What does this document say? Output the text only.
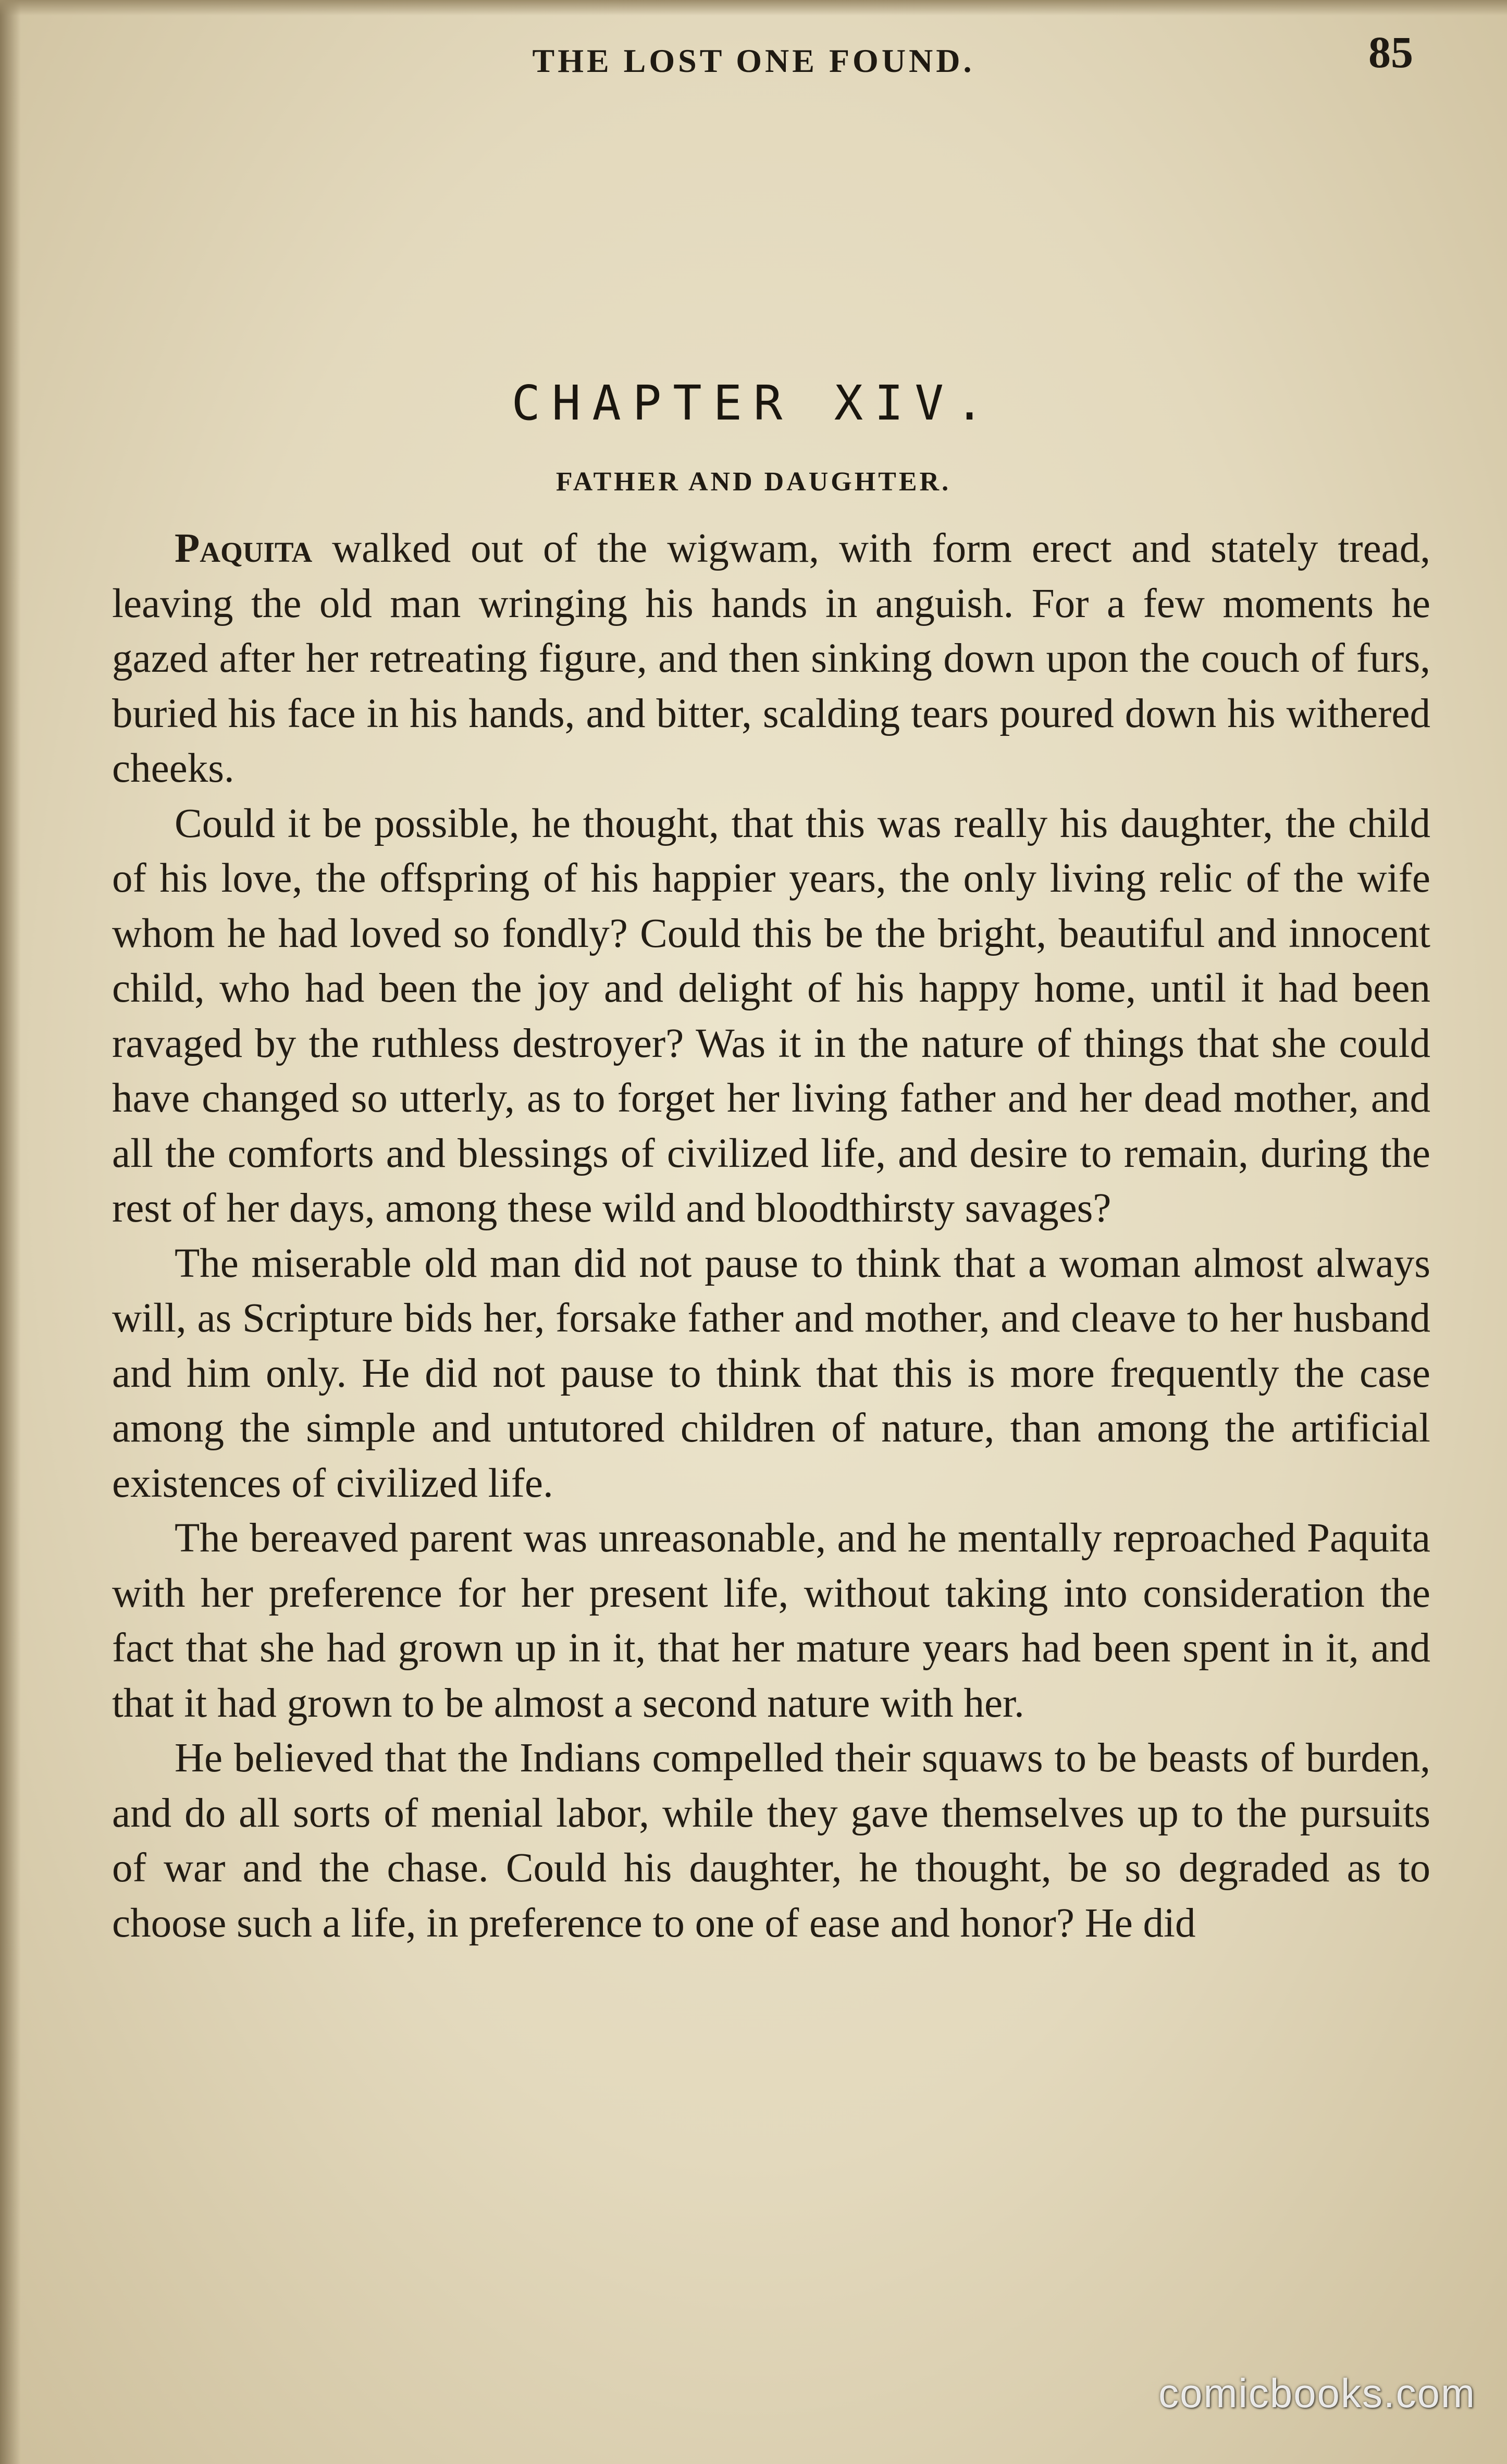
THE LOST ONE FOUND.	85
CHAPTER XIV.
FATHER AND DAUGHTER.

Paquita walked out of the wigwam, with form erect and stately tread, leaving the old man wringing his hands in anguish. For a few moments he gazed after her retreating figure, and then sinking down upon the couch of furs, buried his face in his hands, and bitter, scalding tears poured down his withered cheeks.

Could it be possible, he thought, that this was really his daughter, the child of his love, the offspring of his happier years, the only living relic of the wife whom he had loved so fondly? Could this be the bright, beautiful and innocent child, who had been the joy and delight of his happy home, until it had been ravaged by the ruthless destroyer? Was it in the nature of things that she could have changed so utterly, as to forget her living father and her dead mother, and all the comforts and blessings of civilized life, and desire to remain, during the rest of her days, among these wild and bloodthirsty savages?

The miserable old man did not pause to think that a woman almost always will, as Scripture bids her, forsake father and mother, and cleave to her husband and him only. He did not pause to think that this is more frequently the case among the simple and untutored children of nature, than among the artificial existences of civilized life.

The bereaved parent was unreasonable, and he mentally reproached Paquita with her preference for her present life, without taking into consideration the fact that she had grown up in it, that her mature years had been spent in it, and that it had grown to be almost a second nature with her.

He believed that the Indians compelled their squaws to be beasts of burden, and do all sorts of menial labor, while they gave themselves up to the pursuits of war and the chase. Could his daughter, he thought, be so degraded as to choose such a life, in preference to one of ease and honor? He did

comicbooks.com
